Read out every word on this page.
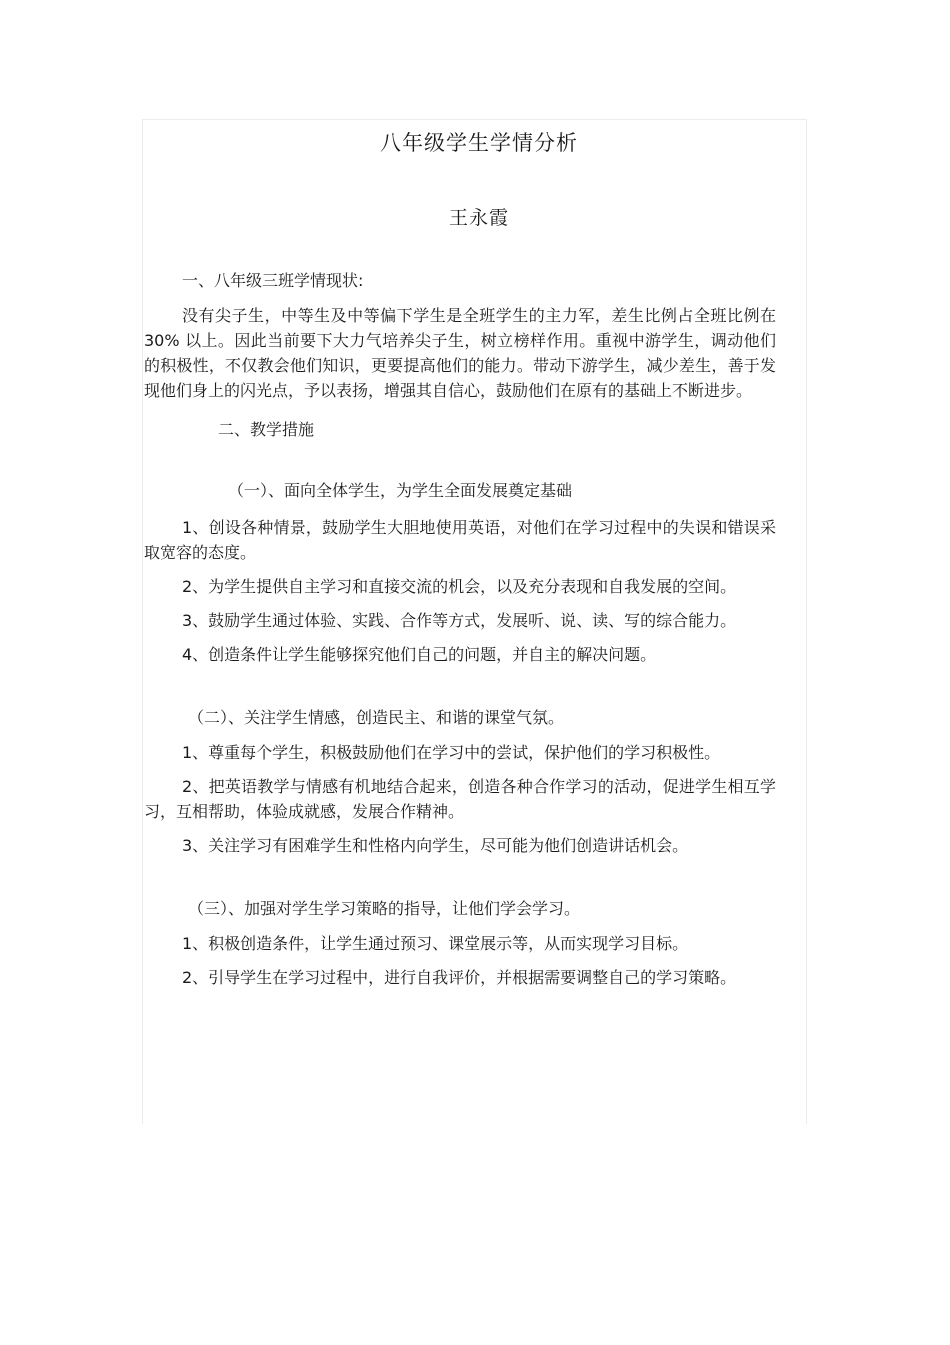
八年级学生学情分析
王永霞
一、八年级三班学情现状:
没有尖子生，中等生及中等偏下学生是全班学生的主力军，差生比例占全班比例在 30% 以上。因此当前要下大力气培养尖子生，树立榜样作用。重视中游学生，调动他们的积极性，不仅教会他们知识，更要提高他们的能力。带动下游学生，减少差生，善于发现他们身上的闪光点，予以表扬，增强其自信心，鼓励他们在原有的基础上不断进步。
二、教学措施
（一）、面向全体学生，为学生全面发展奠定基础
1、创设各种情景，鼓励学生大胆地使用英语，对他们在学习过程中的失误和错误采取宽容的态度。
2、为学生提供自主学习和直接交流的机会，以及充分表现和自我发展的空间。
3、鼓励学生通过体验、实践、合作等方式，发展听、说、读、写的综合能力。
4、创造条件让学生能够探究他们自己的问题，并自主的解决问题。
（二）、关注学生情感，创造民主、和谐的课堂气氛。
1、尊重每个学生，积极鼓励他们在学习中的尝试，保护他们的学习积极性。
2、把英语教学与情感有机地结合起来，创造各种合作学习的活动，促进学生相互学习，互相帮助，体验成就感，发展合作精神。
3、关注学习有困难学生和性格内向学生，尽可能为他们创造讲话机会。
（三）、加强对学生学习策略的指导，让他们学会学习。
1、积极创造条件，让学生通过预习、课堂展示等，从而实现学习目标。
2、引导学生在学习过程中，进行自我评价，并根据需要调整自己的学习策略。
